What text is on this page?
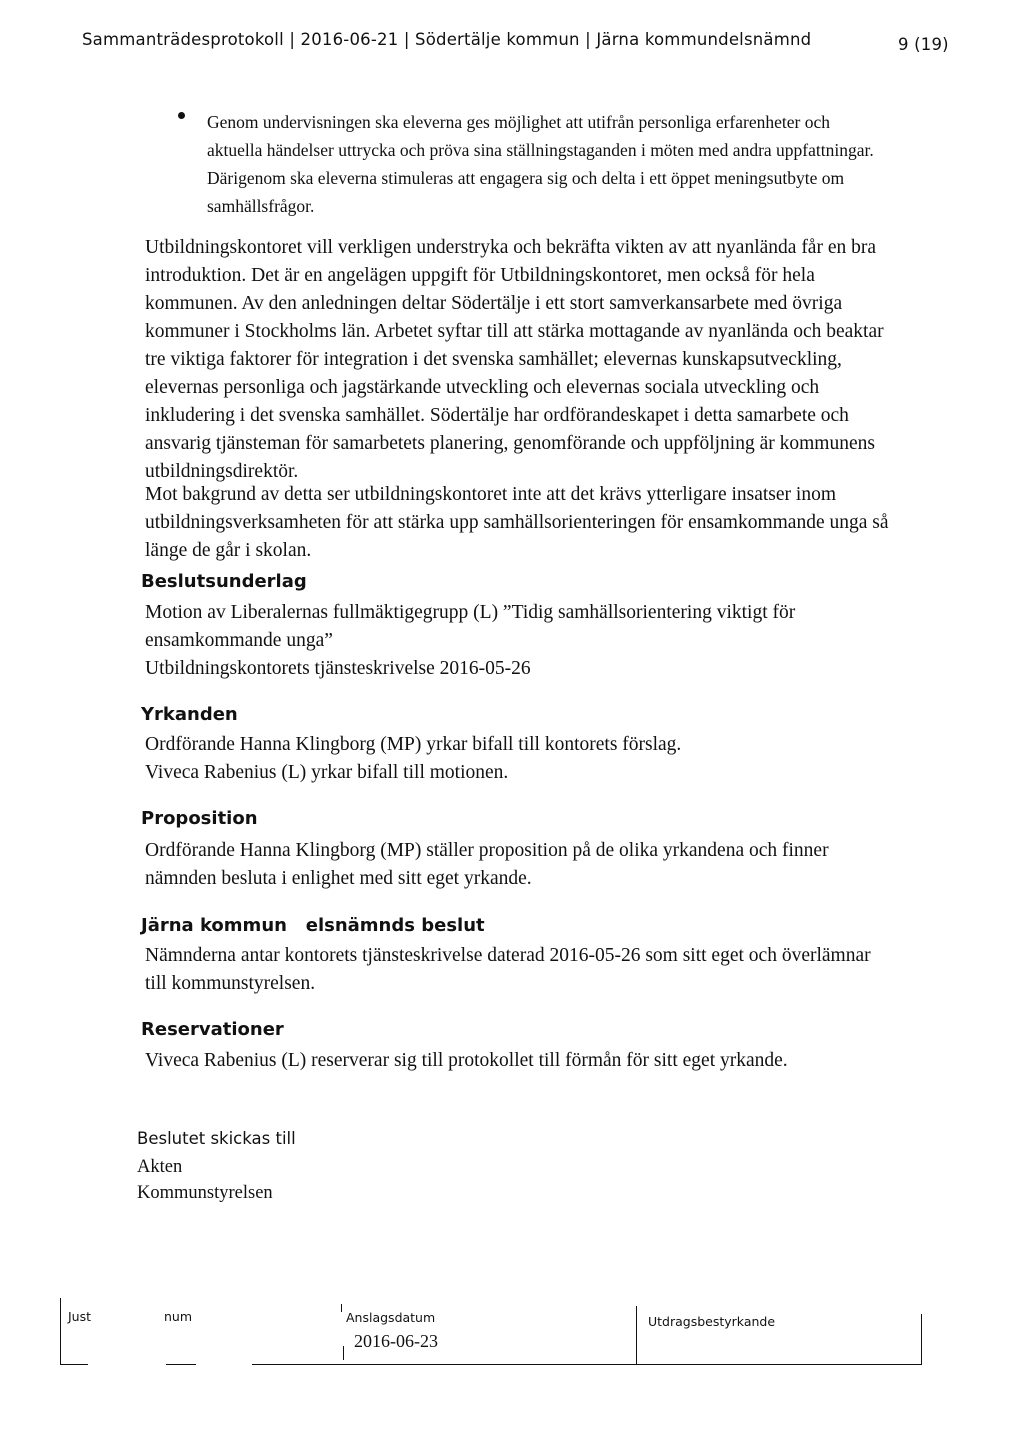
Sammanträdesprotokoll | 2016-06-21 | Södertälje kommun | Järna kommundelsnämnd	9 (19)
Genom undervisningen ska eleverna ges möjlighet att utifrån personliga erfarenheter och
aktuella händelser uttrycka och pröva sina ställningstaganden i möten med andra uppfattningar.
Därigenom ska eleverna stimuleras att engagera sig och delta i ett öppet meningsutbyte om
samhällsfrågor.
Utbildningskontoret vill verkligen understryka och bekräfta vikten av att nyanlända får en bra
introduktion. Det är en angelägen uppgift för Utbildningskontoret, men också för hela
kommunen. Av den anledningen deltar Södertälje i ett stort samverkansarbete med övriga
kommuner i Stockholms län. Arbetet syftar till att stärka mottagande av nyanlända och beaktar
tre viktiga faktorer för integration i det svenska samhället; elevernas kunskapsutveckling,
elevernas personliga och jagstärkande utveckling och elevernas sociala utveckling och
inkludering i det svenska samhället. Södertälje har ordförandeskapet i detta samarbete och
ansvarig tjänsteman för samarbetets planering, genomförande och uppföljning är kommunens
utbildningsdirektör.
Mot bakgrund av detta ser utbildningskontoret inte att det krävs ytterligare insatser inom
utbildningsverksamheten för att stärka upp samhällsorienteringen för ensamkommande unga så
länge de går i skolan.
Beslutsunderlag
Motion av Liberalernas fullmäktigegrupp (L) ”Tidig samhällsorientering viktigt för
ensamkommande unga”
Utbildningskontorets tjänsteskrivelse 2016-05-26
Yrkanden
Ordförande Hanna Klingborg (MP) yrkar bifall till kontorets förslag.
Viveca Rabenius (L) yrkar bifall till motionen.
Proposition
Ordförande Hanna Klingborg (MP) ställer proposition på de olika yrkandena och finner
nämnden besluta i enlighet med sitt eget yrkande.
Järna kommun   elsnämnds beslut
Nämnderna antar kontorets tjänsteskrivelse daterad 2016-05-26 som sitt eget och överlämnar
till kommunstyrelsen.
Reservationer
Viveca Rabenius (L) reserverar sig till protokollet till förmån för sitt eget yrkande.
Beslutet skickas till
Akten
Kommunstyrelsen
Just	num	Anslagsdatum
2016-06-23
Utdragsbestyrkande
